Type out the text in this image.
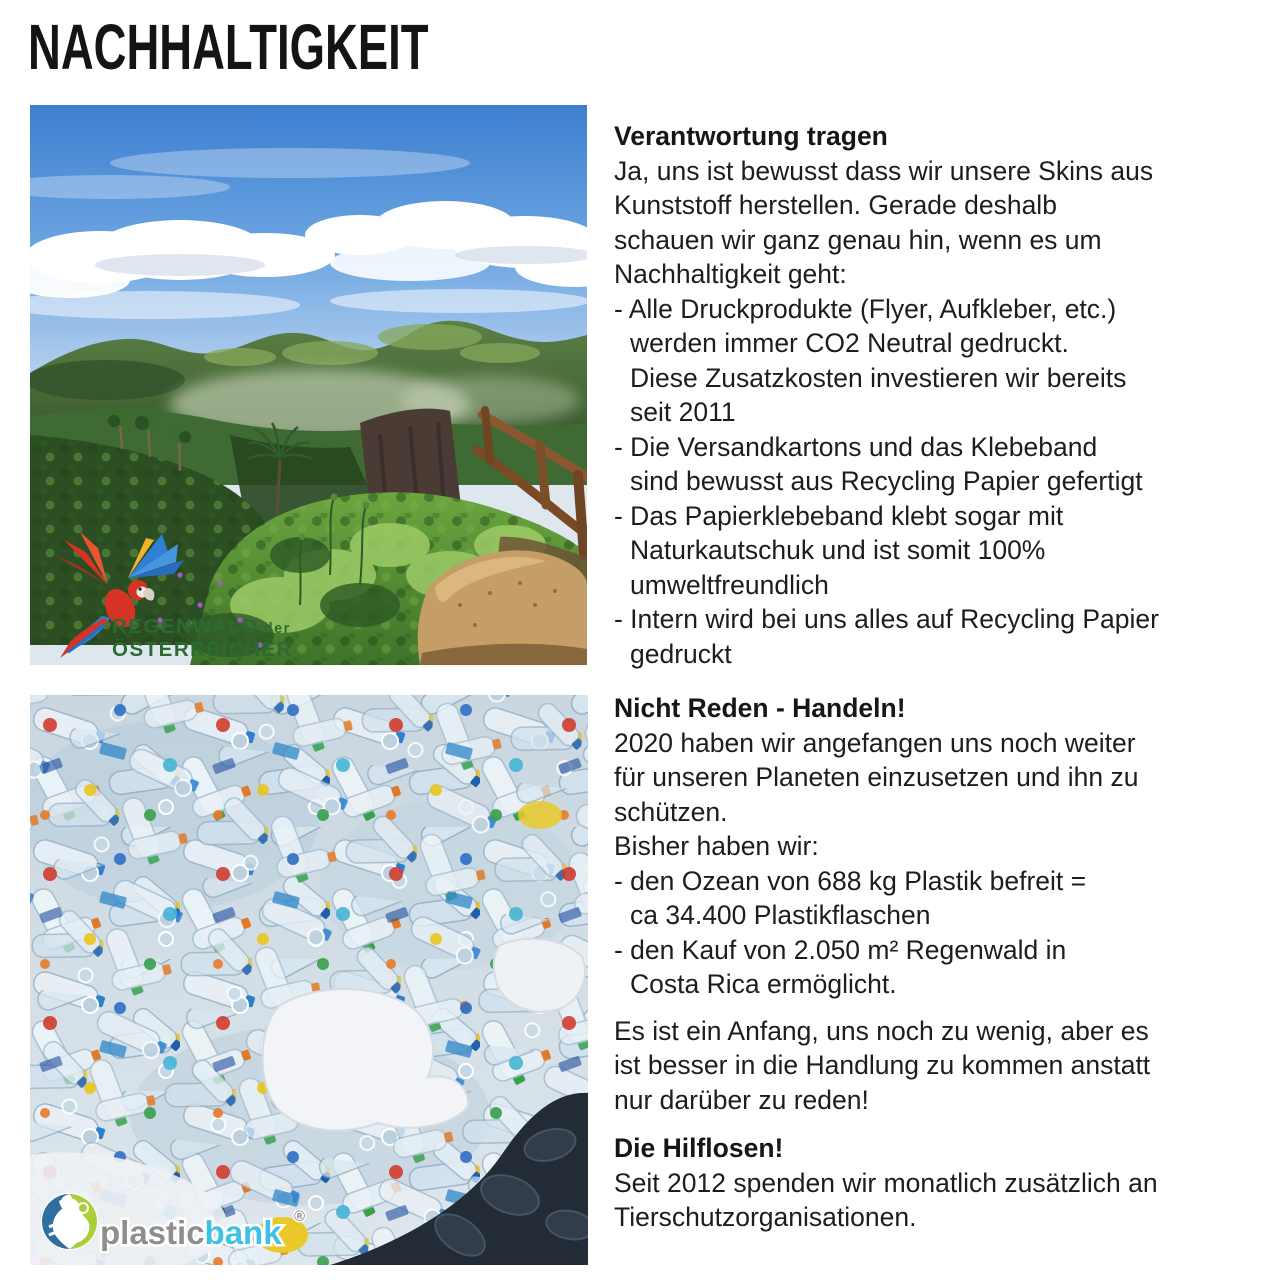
NACHHALTIGKEIT
REGENWALD der
ÖSTERREICHER
plasticbank ®
Verantwortung tragen
Ja, uns ist bewusst dass wir unsere Skins aus
Kunststoff herstellen. Gerade deshalb
schauen wir ganz genau hin, wenn es um
Nachhaltigkeit geht:
- Alle Druckprodukte (Flyer, Aufkleber, etc.)
werden immer CO2 Neutral gedruckt.
Diese Zusatzkosten investieren wir bereits
seit 2011
- Die Versandkartons und das Klebeband
sind bewusst aus Recycling Papier gefertigt
- Das Papierklebeband klebt sogar mit
Naturkautschuk und ist somit 100%
umweltfreundlich
- Intern wird bei uns alles auf Recycling Papier
gedruckt
Nicht Reden - Handeln!
2020 haben wir angefangen uns noch weiter
für unseren Planeten einzusetzen und ihn zu
schützen.
Bisher haben wir:
- den Ozean von 688 kg Plastik befreit =
ca 34.400 Plastikflaschen
- den Kauf von 2.050 m² Regenwald in
Costa Rica ermöglicht.
Es ist ein Anfang, uns noch zu wenig, aber es
ist besser in die Handlung zu kommen anstatt
nur darüber zu reden!
Die Hilflosen!
Seit 2012 spenden wir monatlich zusätzlich an
Tierschutzorganisationen.
